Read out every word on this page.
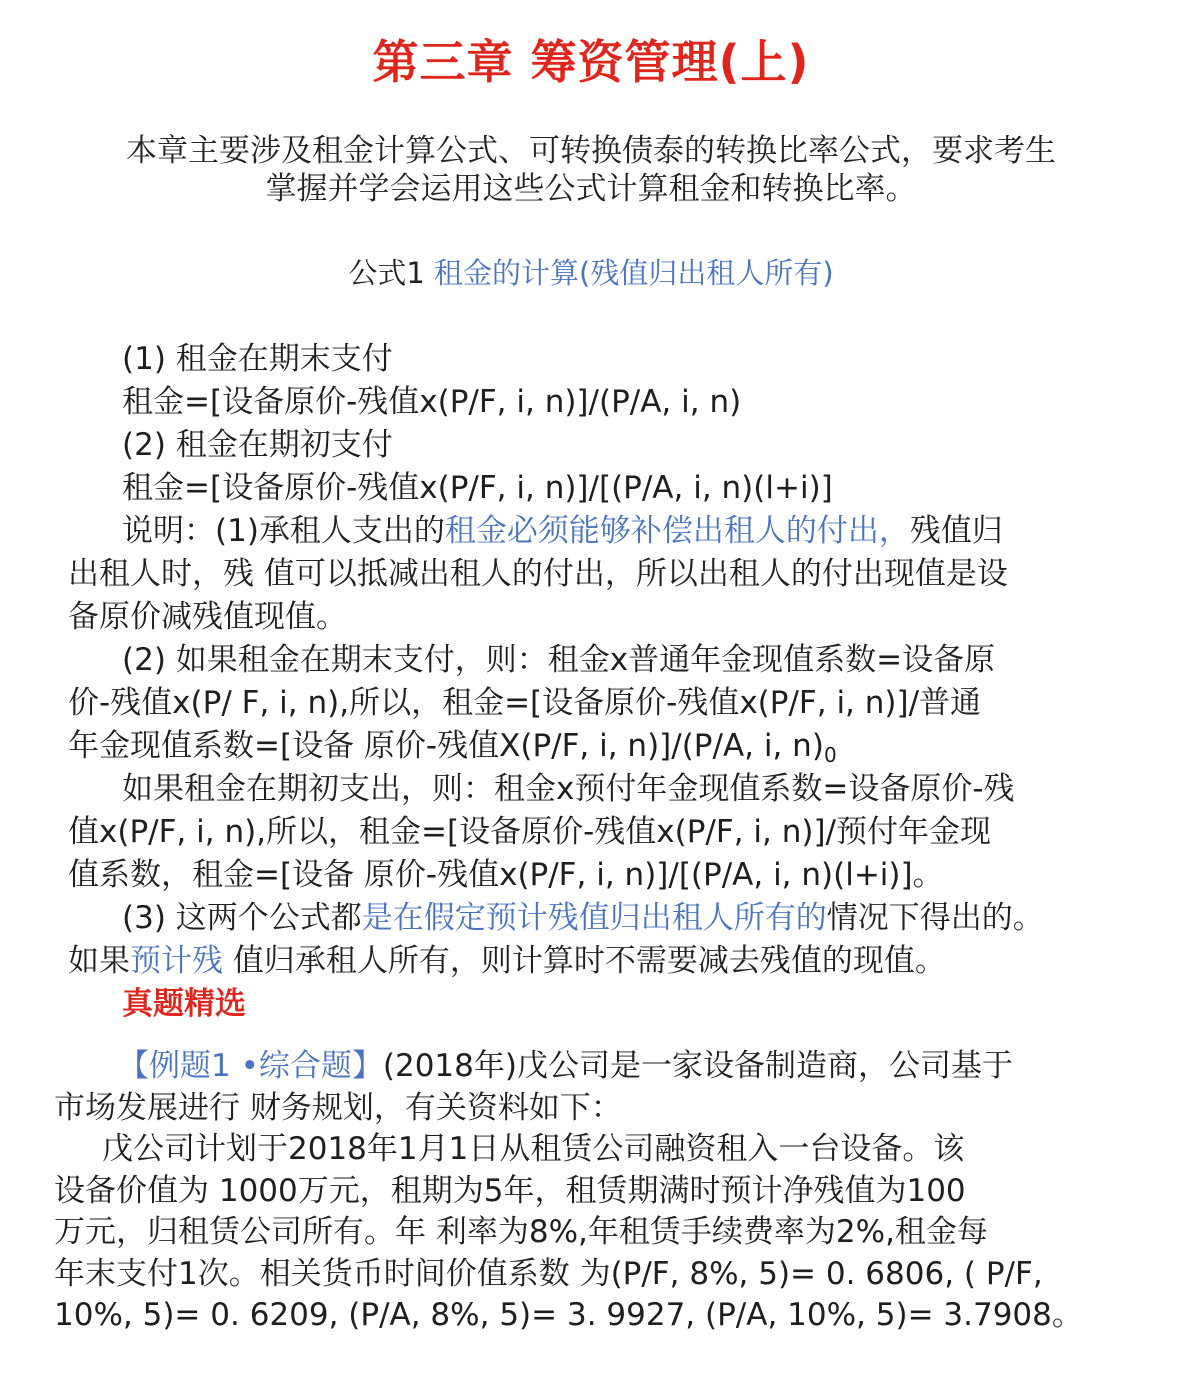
第三章 筹资管理(上)
本章主要涉及租金计算公式、可转换债泰的转换比率公式，要求考生
掌握并学会运用这些公式计算租金和转换比率。
公式1 租金的计算(残值归出租人所有)
(1) 租金在期末支付
租金=[设备原价-残值x(P/F, i, n)]/(P/A, i, n)
(2) 租金在期初支付
租金=[设备原价-残值x(P/F, i, n)]/[(P/A, i, n)(l+i)]
说明：(1)承租人支出的租金必须能够补偿出租人的付出，残值归
出租人时，残 值可以抵减出租人的付出，所以出租人的付出现值是设
备原价减残值现值。
(2) 如果租金在期末支付，则：租金x普通年金现值系数=设备原
价-残值x(P/ F, i, n),所以，租金=[设备原价-残值x(P/F, i, n)]/普通
年金现值系数=[设备 原价-残值X(P/F, i, n)]/(P/A, i, $n)_0$
如果租金在期初支出，则：租金x预付年金现值系数=设备原价-残
值x(P/F, i, n),所以，租金=[设备原价-残值x(P/F, i, n)]/预付年金现
值系数，租金=[设备 原价-残值x(P/F, i, n)]/[(P/A, i, n)(l+i)]。
(3) 这两个公式都是在假定预计残值归出租人所有的情况下得出的。
如果预计残 值归承租人所有，则计算时不需要减去残值的现值。
真题精选
【例题1 •综合题】(2018年)戊公司是一家设备制造商，公司基于
市场发展进行 财务规划，有关资料如下：
戊公司计划于2018年1月1日从租赁公司融资租入一台设备。该
设备价值为 1000万元，租期为5年，租赁期满时预计净残值为100
万元，归租赁公司所有。年 利率为8%,年租赁手续费率为2%,租金每
年末支付1次。相关货币时间价值系数 为(P/F, 8%, 5)= 0. 6806, ( P/F,
10%, 5)= 0. 6209, (P/A, 8%, 5)= 3. 9927, (P/A, 10%, 5)= 3.7908。
